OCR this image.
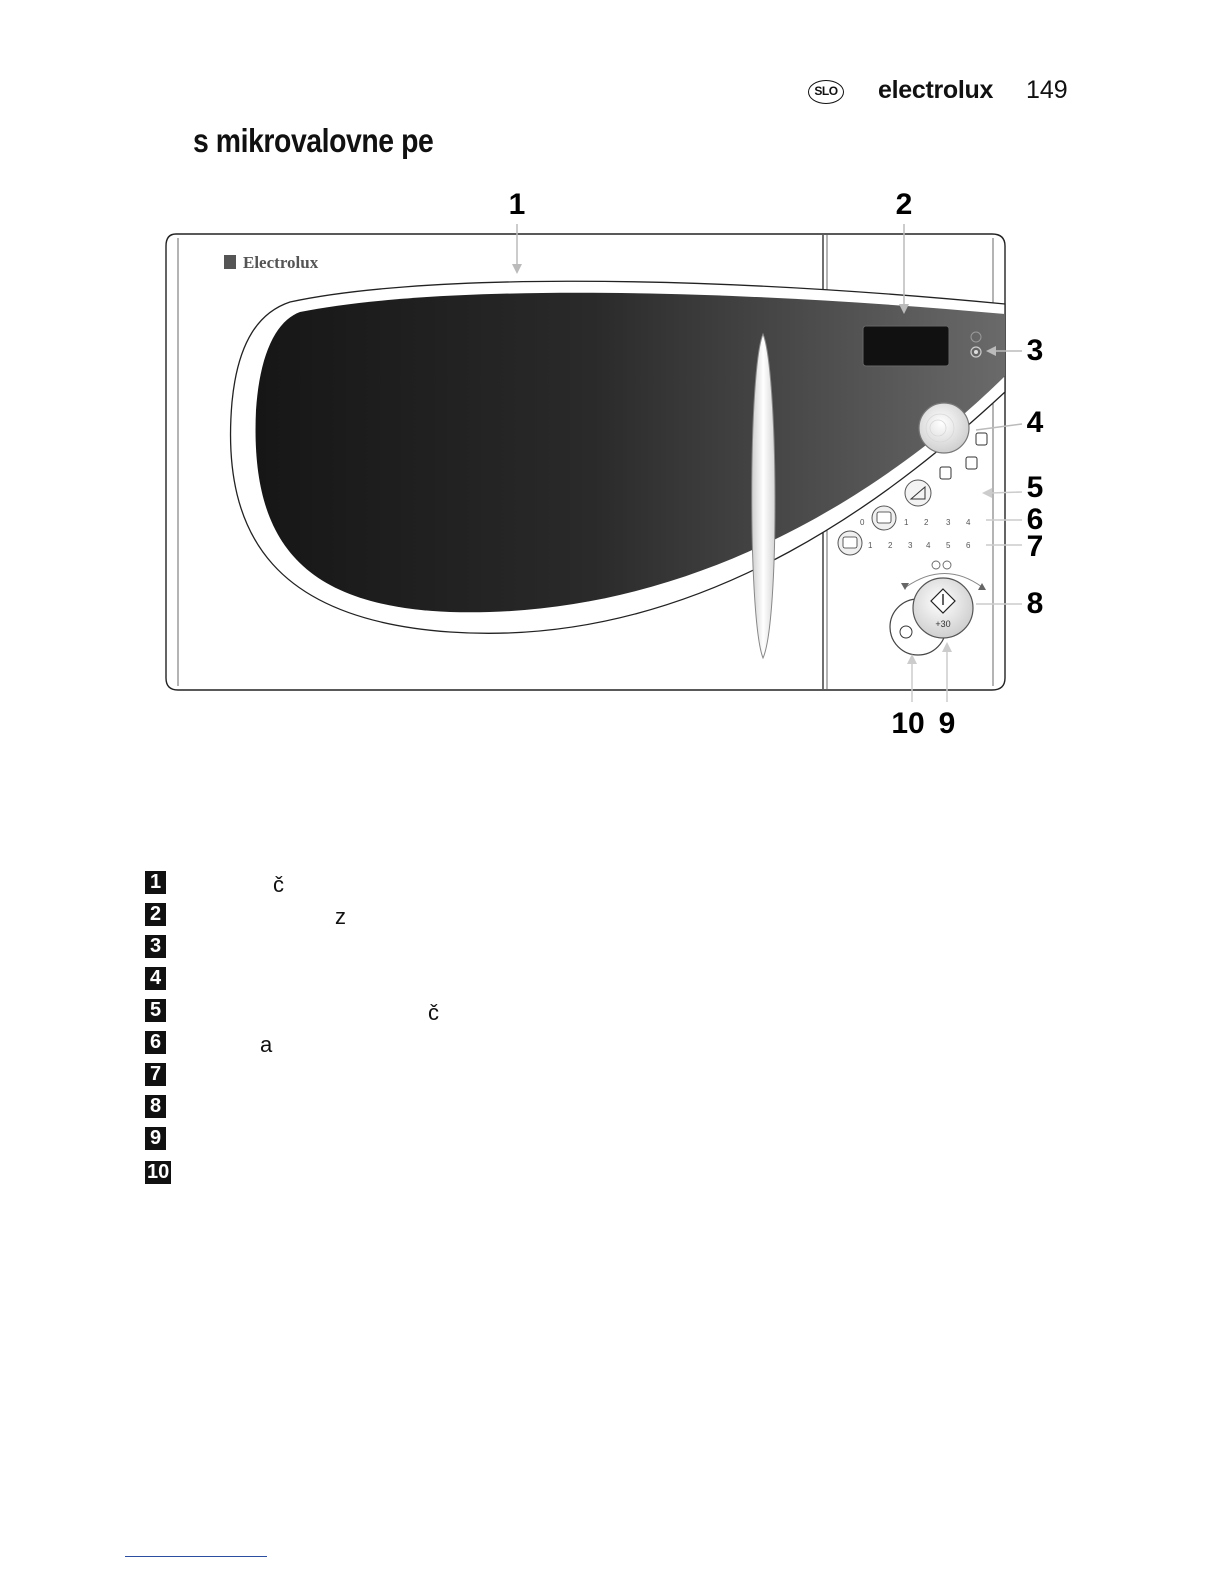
SLO electrolux 149
s mikrovalovne pe
1	2
3
4
5
6
7
8
10 9
Electrolux
0	1 2 3 4
1 2 3 4 5 6
+30
1	č
2	z
3
4
5	č
6	a
7
8
9
10
